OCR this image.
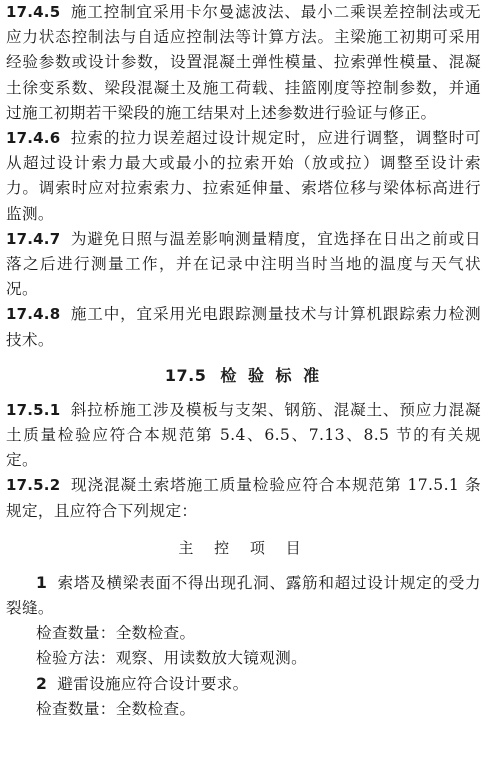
17.4.5 施工控制宜采用卡尔曼滤波法、最小二乘误差控制法或无应力状态控制法与自适应控制法等计算方法。主梁施工初期可采用经验参数或设计参数，设置混凝土弹性模量、拉索弹性模量、混凝土徐变系数、梁段混凝土及施工荷载、挂篮刚度等控制参数，并通过施工初期若干梁段的施工结果对上述参数进行验证与修正。

17.4.6 拉索的拉力误差超过设计规定时，应进行调整，调整时可从超过设计索力最大或最小的拉索开始（放或拉）调整至设计索力。调索时应对拉索索力、拉索延伸量、索塔位移与梁体标高进行监测。

17.4.7 为避免日照与温差影响测量精度，宜选择在日出之前或日落之后进行测量工作，并在记录中注明当时当地的温度与天气状况。

17.4.8 施工中，宜采用光电跟踪测量技术与计算机跟踪索力检测技术。

17.5 检 验 标 准

17.5.1 斜拉桥施工涉及模板与支架、钢筋、混凝土、预应力混凝土质量检验应符合本规范第 5.4、6.5、7.13、8.5 节的有关规定。

17.5.2 现浇混凝土索塔施工质量检验应符合本规范第 17.5.1 条规定，且应符合下列规定：

主 控 项 目

1 索塔及横梁表面不得出现孔洞、露筋和超过设计规定的受力裂缝。

检查数量：全数检查。

检验方法：观察、用读数放大镜观测。

2 避雷设施应符合设计要求。

检查数量：全数检查。
